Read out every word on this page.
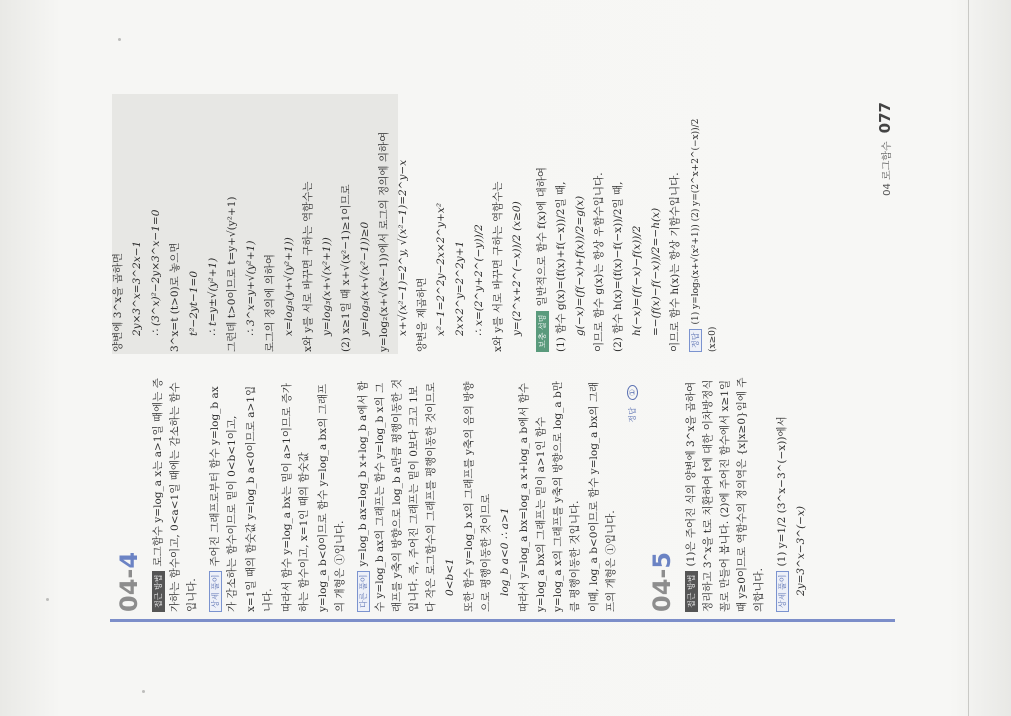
04-4

접근 방법로그함수 y=log_a x는 a>1일 때에는 증가하는 함수이고, 0<a<1일 때에는 감소하는 함수입니다.	상세 풀이주어진 그래프로부터 함수 y=log_b ax가 감소하는 함수이므로 밑이 0<b<1이고, x=1일 때의 함숫값 y=log_b a<0이므로 a>1입니다. 따라서 함수 y=log_a bx는 밑이 a>1이므로 증가하는 함수이고, x=1인 때의 함숫값 y=log_a b<0이므로 함수 y=log_a bx의 그래프의 개형은 ①입니다.	다른 풀이y=log_b ax=log_b x+log_b a에서 함수 y=log_b ax의 그래프는 함수 y=log_b x의 그래프를 y축의 방향으로 log_b a만큼 평행이동한 것입니다. 즉, 주어진 그래프는 밑이 0보다 크고 1보다 작은 로그함수의 그래프를 평행이동한 것이므로 0<b<1 또한 함수 y=log_b x의 그래프를 y축의 음의 방향으로 평행이동한 것이므로 log_b a<0 ∴ a>1 따라서 y=log_a bx=log_a x+log_a b에서 함수 y=log_a bx의 그래프는 밑이 a>1인 함수 y=log_a x의 그래프를 y축의 방향으로 log_a b만큼 평행이동한 것입니다. 이때, log_a b<0이므로 함수 y=log_a bx의 그래프의 개형은 ①입니다.

정답①
04-5

접근 방법(1)은 주어진 식의 양변에 3^x을 곱하여 정리하고 3^x을 t로 치환하여 t에 대한 이차방정식 꼴로 만들어 봅니다. (2)에 주어진 함수에서 x≥1일 때 y≥0이므로 역함수의 정의역은 {x|x≥0}임에 주의합니다.	상세 풀이(1) y=1/2 (3^x−3^(−x))에서 2y=3^x−3^(−x)

양변에 3^x을 곱하면 2y×3^x=3^2x−1 ∴ (3^x)²−2y×3^x−1=0 3^x=t (t>0)로 놓으면 t²−2yt−1=0 ∴ t=y±√(y²+1) 그런데 t>0이므로 t=y+√(y²+1) ∴ 3^x=y+√(y²+1) 로그의 정의에 의하여 x=log₃(y+√(y²+1)) x와 y를 서로 바꾸면 구하는 역함수는 y=log₃(x+√(x²+1)) (2) x≥1일 때 x+√(x²−1)≥1이므로 y=log₃(x+√(x²−1))≥0 y=log₂(x+√(x²−1))에서 로그의 정의에 의하여 x+√(x²−1)=2^y, √(x²−1)=2^y−x 양변을 제곱하면 x²−1=2^2y−2x×2^y+x² 2x×2^y=2^2y+1 ∴ x=(2^y+2^(−y))/2 x와 y를 서로 바꾸면 구하는 역함수는 y=(2^x+2^(−x))/2 (x≥0)	보충 설명일반적으로 함수 f(x)에 대하여 (1) 함수 g(x)=(f(x)+f(−x))/2일 때, g(−x)=(f(−x)+f(x))/2=g(x) 이므로 함수 g(x)는 항상 우함수입니다. (2) 함수 h(x)=(f(x)−f(−x))/2일 때, h(−x)=(f(−x)−f(x))/2 =−(f(x)−f(−x))/2=−h(x) 이므로 함수 h(x)는 항상 기함수입니다.	정답(1) y=log₃(x+√(x²+1)) (2) y=(2^x+2^(−x))/2 (x≥0)

04 로그함수077
